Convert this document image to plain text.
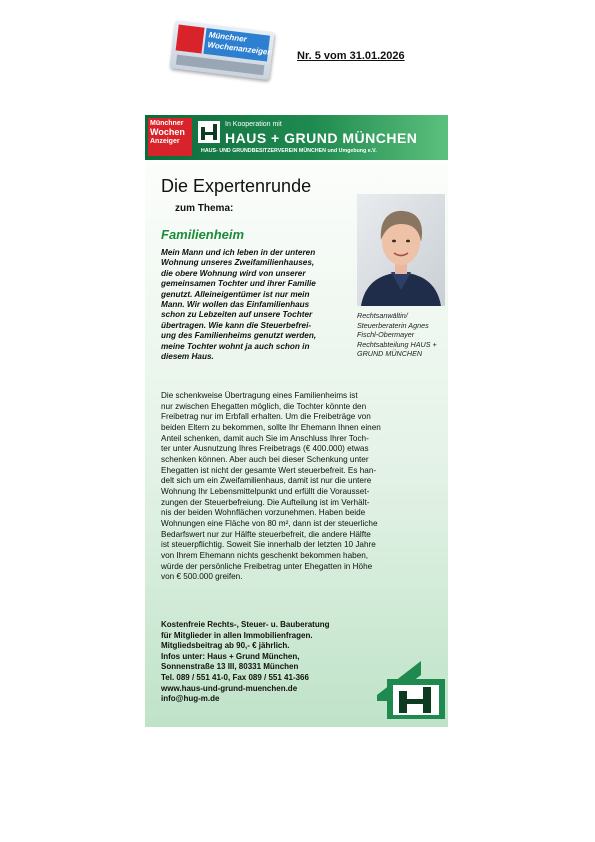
Münchner Wochenanzeiger Nr. 5 vom 31.01.2026
Münchner
Wochen
Anzeiger
In Kooperation mit
HAUS + GRUND MÜNCHEN
HAUS- UND GRUNDBESITZERVEREIN MÜNCHEN und Umgebung e.V.
Die Expertenrunde
zum Thema:
Familienheim
Rechtsanwältin/ Steuerberaterin Agnes Fischl-Obermayer Rechtsabteilung HAUS + GRUND MÜNCHEN
Mein Mann und ich leben in der unteren
Wohnung unseres Zweifamilienhauses,
die obere Wohnung wird von unserer
gemeinsamen Tochter und ihrer Familie
genutzt. Alleineigentümer ist nur mein
Mann. Wir wollen das Einfamilienhaus
schon zu Lebzeiten auf unsere Tochter
übertragen. Wie kann die Steuerbefrei-
ung des Familienheims genutzt werden,
meine Tochter wohnt ja auch schon in
diesem Haus.
Die schenkweise Übertragung eines Familienheims ist
nur zwischen Ehegatten möglich, die Tochter könnte den
Freibetrag nur im Erbfall erhalten. Um die Freibeträge von
beiden Eltern zu bekommen, sollte Ihr Ehemann Ihnen einen
Anteil schenken, damit auch Sie im Anschluss Ihrer Toch-
ter unter Ausnutzung Ihres Freibetrags (€ 400.000) etwas
schenken können. Aber auch bei dieser Schenkung unter
Ehegatten ist nicht der gesamte Wert steuerbefreit. Es han-
delt sich um ein Zweifamilienhaus, damit ist nur die untere
Wohnung Ihr Lebensmittelpunkt und erfüllt die Vorausset-
zungen der Steuerbefreiung. Die Aufteilung ist im Verhält-
nis der beiden Wohnflächen vorzunehmen. Haben beide
Wohnungen eine Fläche von 80 m², dann ist der steuerliche
Bedarfswert nur zur Hälfte steuerbefreit, die andere Hälfte
ist steuerpflichtig. Soweit Sie innerhalb der letzten 10 Jahre
von Ihrem Ehemann nichts geschenkt bekommen haben,
würde der persönliche Freibetrag unter Ehegatten in Höhe
von € 500.000 greifen.
Kostenfreie Rechts-, Steuer- u. Bauberatung
für Mitglieder in allen Immobilienfragen.
Mitgliedsbeitrag ab 90,- € jährlich.
Infos unter: Haus + Grund München,
Sonnenstraße 13 III, 80331 München
Tel. 089 / 551 41-0, Fax 089 / 551 41-366
www.haus-und-grund-muenchen.de
info@hug-m.de
